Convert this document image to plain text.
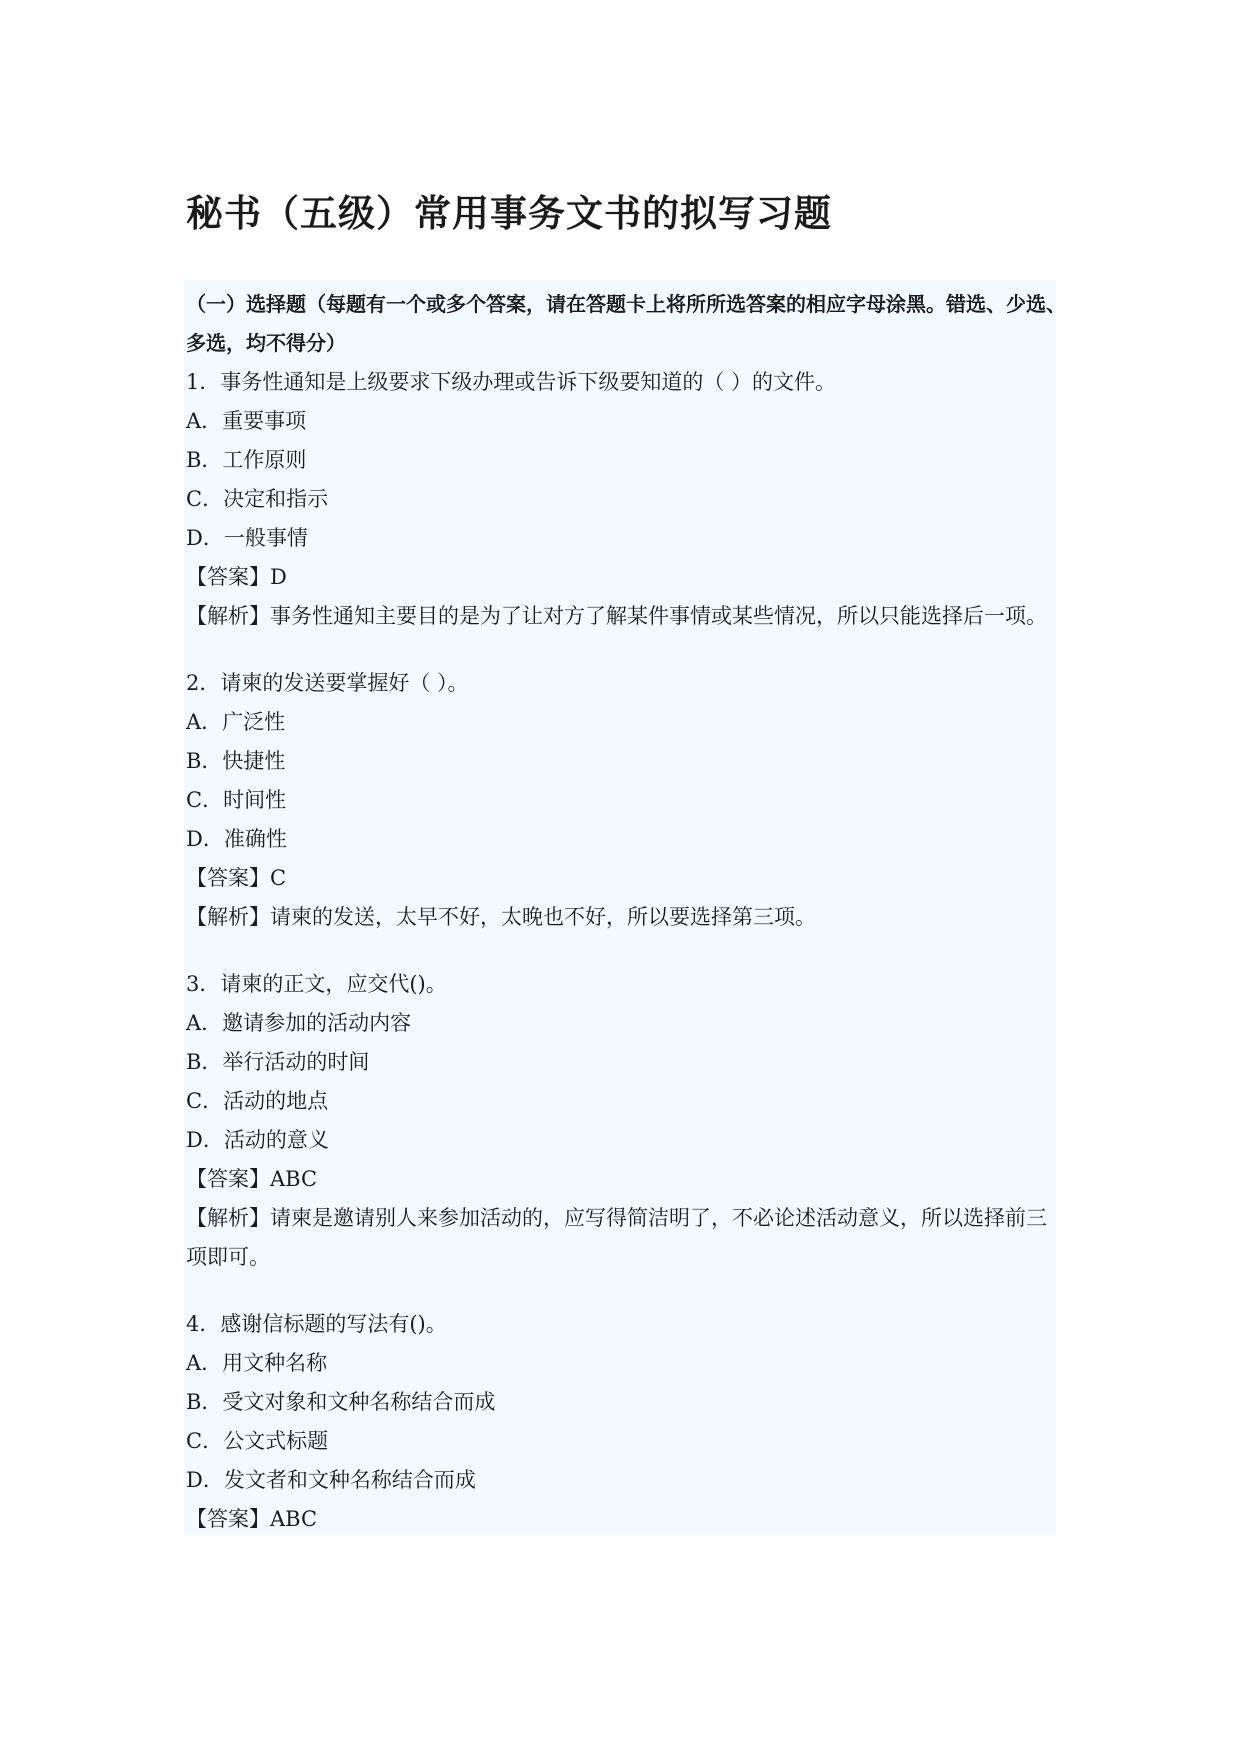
秘书（五级）常用事务文书的拟写习题
（一）选择题（每题有一个或多个答案，请在答题卡上将所所选答案的相应字母涂黑。错选、少选、多选，均不得分）
1．事务性通知是上级要求下级办理或告诉下级要知道的（ ）的文件。
A．重要事项
B．工作原则
C．决定和指示
D．一般事情
【答案】D
【解析】事务性通知主要目的是为了让对方了解某件事情或某些情况，所以只能选择后一项。
2．请柬的发送要掌握好（ ）。
A．广泛性
B．快捷性
C．时间性
D．准确性
【答案】C
【解析】请柬的发送，太早不好，太晚也不好，所以要选择第三项。
3．请柬的正文，应交代()。
A．邀请参加的活动内容
B．举行活动的时间
C．活动的地点
D．活动的意义
【答案】ABC
【解析】请柬是邀请别人来参加活动的，应写得简洁明了，不必论述活动意义，所以选择前三项即可。
4．感谢信标题的写法有()。
A．用文种名称
B．受文对象和文种名称结合而成
C．公文式标题
D．发文者和文种名称结合而成
【答案】ABC
